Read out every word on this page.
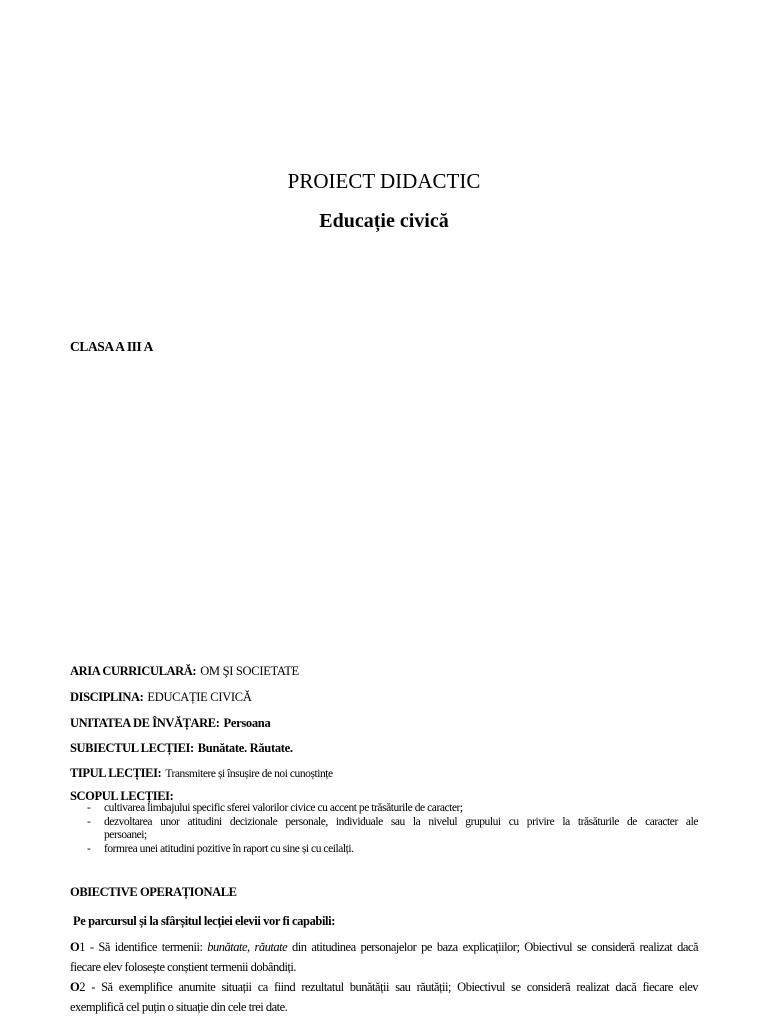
PROIECT DIDACTIC
Educație civică
CLASA A III A
ARIA CURRICULARĂ: OM ŞI SOCIETATE
DISCIPLINA: EDUCAȚIE CIVICĂ
UNITATEA DE ÎNVĂȚARE: Persoana
SUBIECTUL LECȚIEI: Bunătate. Răutate.
TIPUL LECȚIEI: Transmitere și însușire de noi cunoștințe
SCOPUL LECȚIEI:
- cultivarea limbajului specific sferei valorilor civice cu accent pe trăsăturile de caracter;
- dezvoltarea unor atitudini decizionale personale, individuale sau la nivelul grupului cu privire la trăsăturile de caracter ale
persoanei;
- formrea unei atitudini pozitive în raport cu sine și cu ceilalți.
OBIECTIVE OPERAȚIONALE
Pe parcursul și la sfârșitul lecției elevii vor fi capabili:
O1 - Să identifice termenii: bunătate, răutate din atitudinea personajelor pe baza explicațiilor; Obiectivul se consideră realizat dacă
fiecare elev folosește conștient termenii dobândiți.
O2 - Să exemplifice anumite situații ca fiind rezultatul bunătății sau răutății; Obiectivul se consideră realizat dacă fiecare elev
exemplifică cel puțin o situație din cele trei date.
